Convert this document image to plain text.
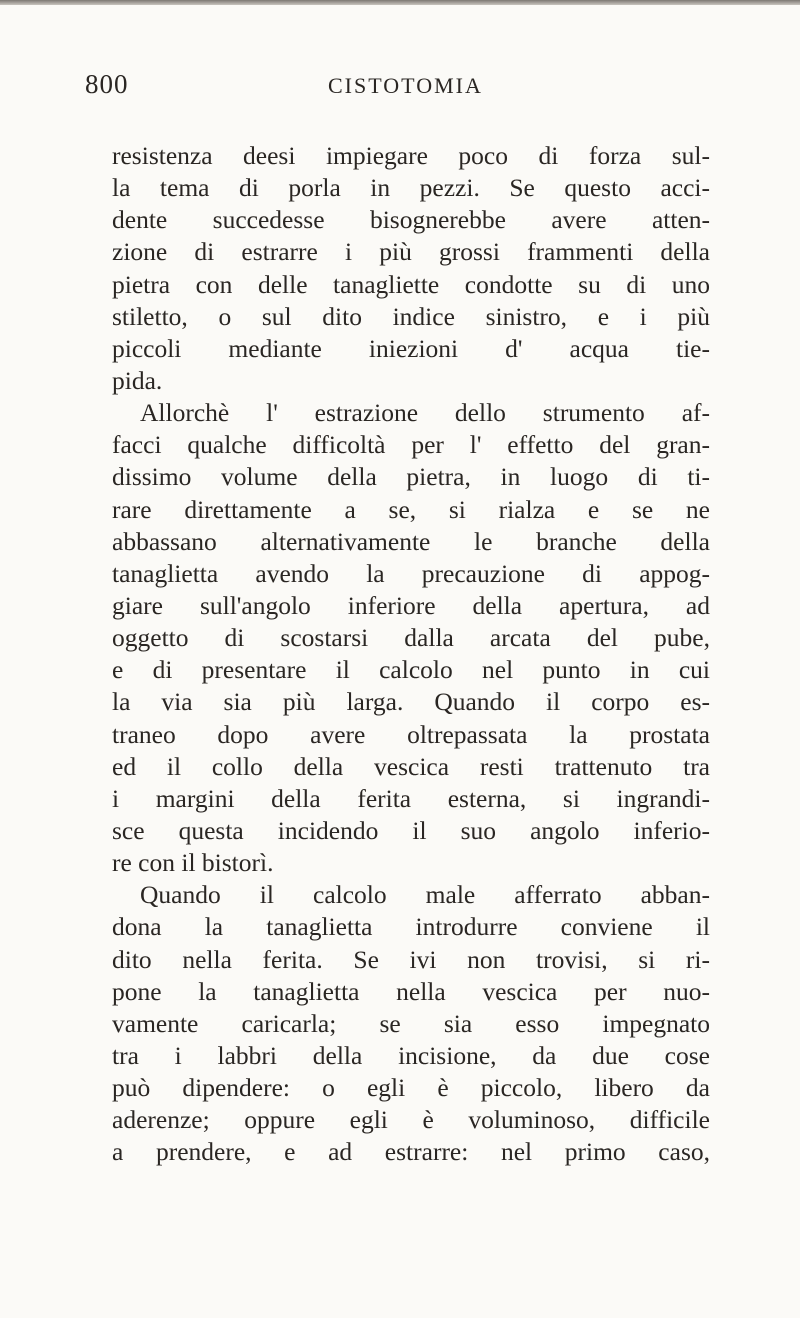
800	CISTOTOMIA
resistenza deesi impiegare poco di forza sul-
la tema di porla in pezzi. Se questo acci-
dente succedesse bisognerebbe avere atten-
zione di estrarre i più grossi frammenti della
pietra con delle tanagliette condotte su di uno
stiletto, o sul dito indice sinistro, e i più
piccoli mediante iniezioni d' acqua tie-
pida.
Allorchè l' estrazione dello strumento af-
facci qualche difficoltà per l' effetto del gran-
dissimo volume della pietra, in luogo di ti-
rare direttamente a se, si rialza e se ne
abbassano alternativamente le branche della
tanaglietta avendo la precauzione di appog-
giare sull'angolo inferiore della apertura, ad
oggetto di scostarsi dalla arcata del pube,
e di presentare il calcolo nel punto in cui
la via sia più larga. Quando il corpo es-
traneo dopo avere oltrepassata la prostata
ed il collo della vescica resti trattenuto tra
i margini della ferita esterna, si ingrandi-
sce questa incidendo il suo angolo inferio-
re con il bistorì.
Quando il calcolo male afferrato abban-
dona la tanaglietta introdurre conviene il
dito nella ferita. Se ivi non trovisi, si ri-
pone la tanaglietta nella vescica per nuo-
vamente caricarla; se sia esso impegnato
tra i labbri della incisione, da due cose
può dipendere: o egli è piccolo, libero da
aderenze; oppure egli è voluminoso, difficile
a prendere, e ad estrarre: nel primo caso,
